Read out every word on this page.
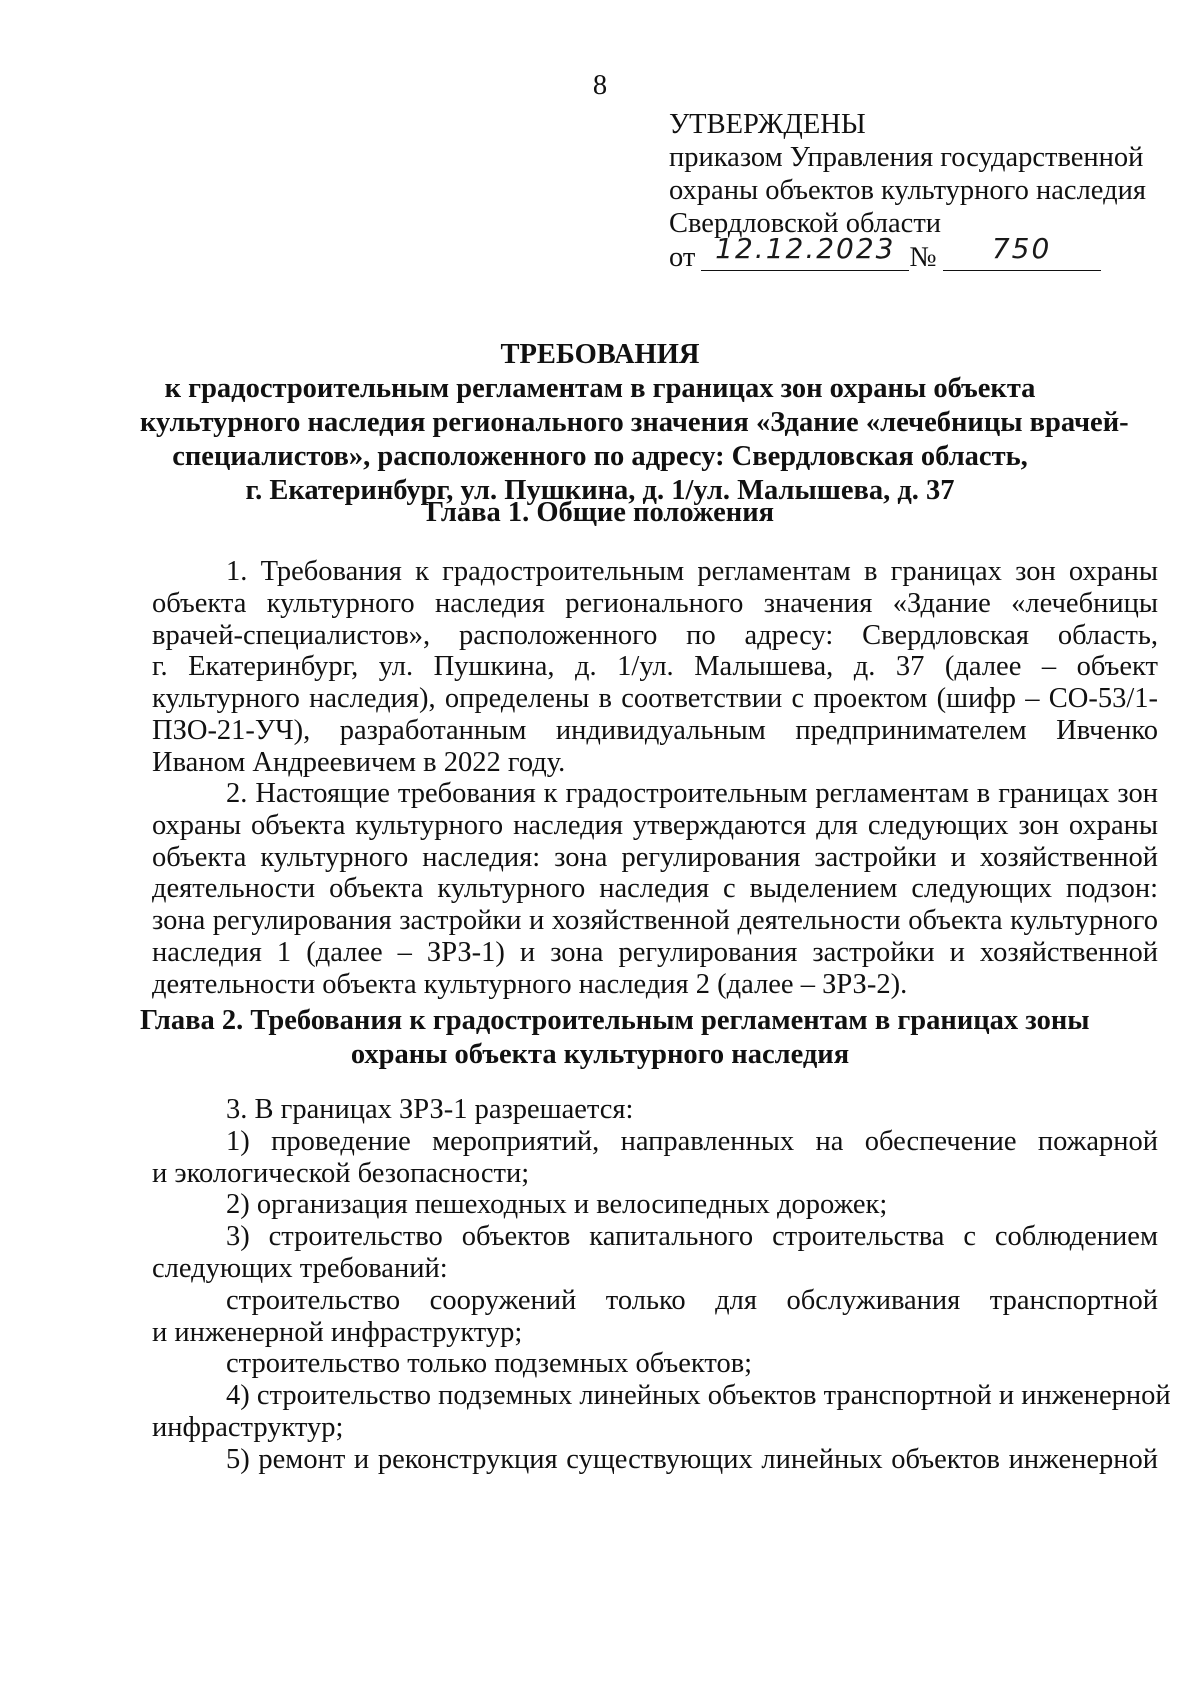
8
УТВЕРЖДЕНЫ
приказом Управления государственной
охраны объектов культурного наследия
Свердловской области
от 12.12.2023 № 750
ТРЕБОВАНИЯ
к градостроительным регламентам в границах зон охраны объекта
культурного наследия регионального значения «Здание «лечебницы врачей-
специалистов», расположенного по адресу: Свердловская область,
г. Екатеринбург, ул. Пушкина, д. 1/ул. Малышева, д. 37
Глава 1. Общие положения
1. Требования к градостроительным регламентам в границах зон охраны
объекта культурного наследия регионального значения «Здание «лечебницы
врачей-специалистов», расположенного по адресу: Свердловская область,
г. Екатеринбург, ул. Пушкина, д. 1/ул. Малышева, д. 37 (далее – объект
культурного наследия), определены в соответствии с проектом (шифр – СО-53/1-
ПЗО-21-УЧ), разработанным индивидуальным предпринимателем Ивченко
Иваном Андреевичем в 2022 году.
2. Настоящие требования к градостроительным регламентам в границах зон
охраны объекта культурного наследия утверждаются для следующих зон охраны
объекта культурного наследия: зона регулирования застройки и хозяйственной
деятельности объекта культурного наследия с выделением следующих подзон:
зона регулирования застройки и хозяйственной деятельности объекта культурного
наследия 1 (далее – ЗРЗ-1) и зона регулирования застройки и хозяйственной
деятельности объекта культурного наследия 2 (далее – ЗРЗ-2).
Глава 2. Требования к градостроительным регламентам в границах зоны
охраны объекта культурного наследия
3. В границах ЗРЗ-1 разрешается:
1) проведение мероприятий, направленных на обеспечение пожарной
и экологической безопасности;
2) организация пешеходных и велосипедных дорожек;
3) строительство объектов капитального строительства с соблюдением
следующих требований:
строительство сооружений только для обслуживания транспортной
и инженерной инфраструктур;
строительство только подземных объектов;
4) строительство подземных линейных объектов транспортной и инженерной
инфраструктур;
5) ремонт и реконструкция существующих линейных объектов инженерной
